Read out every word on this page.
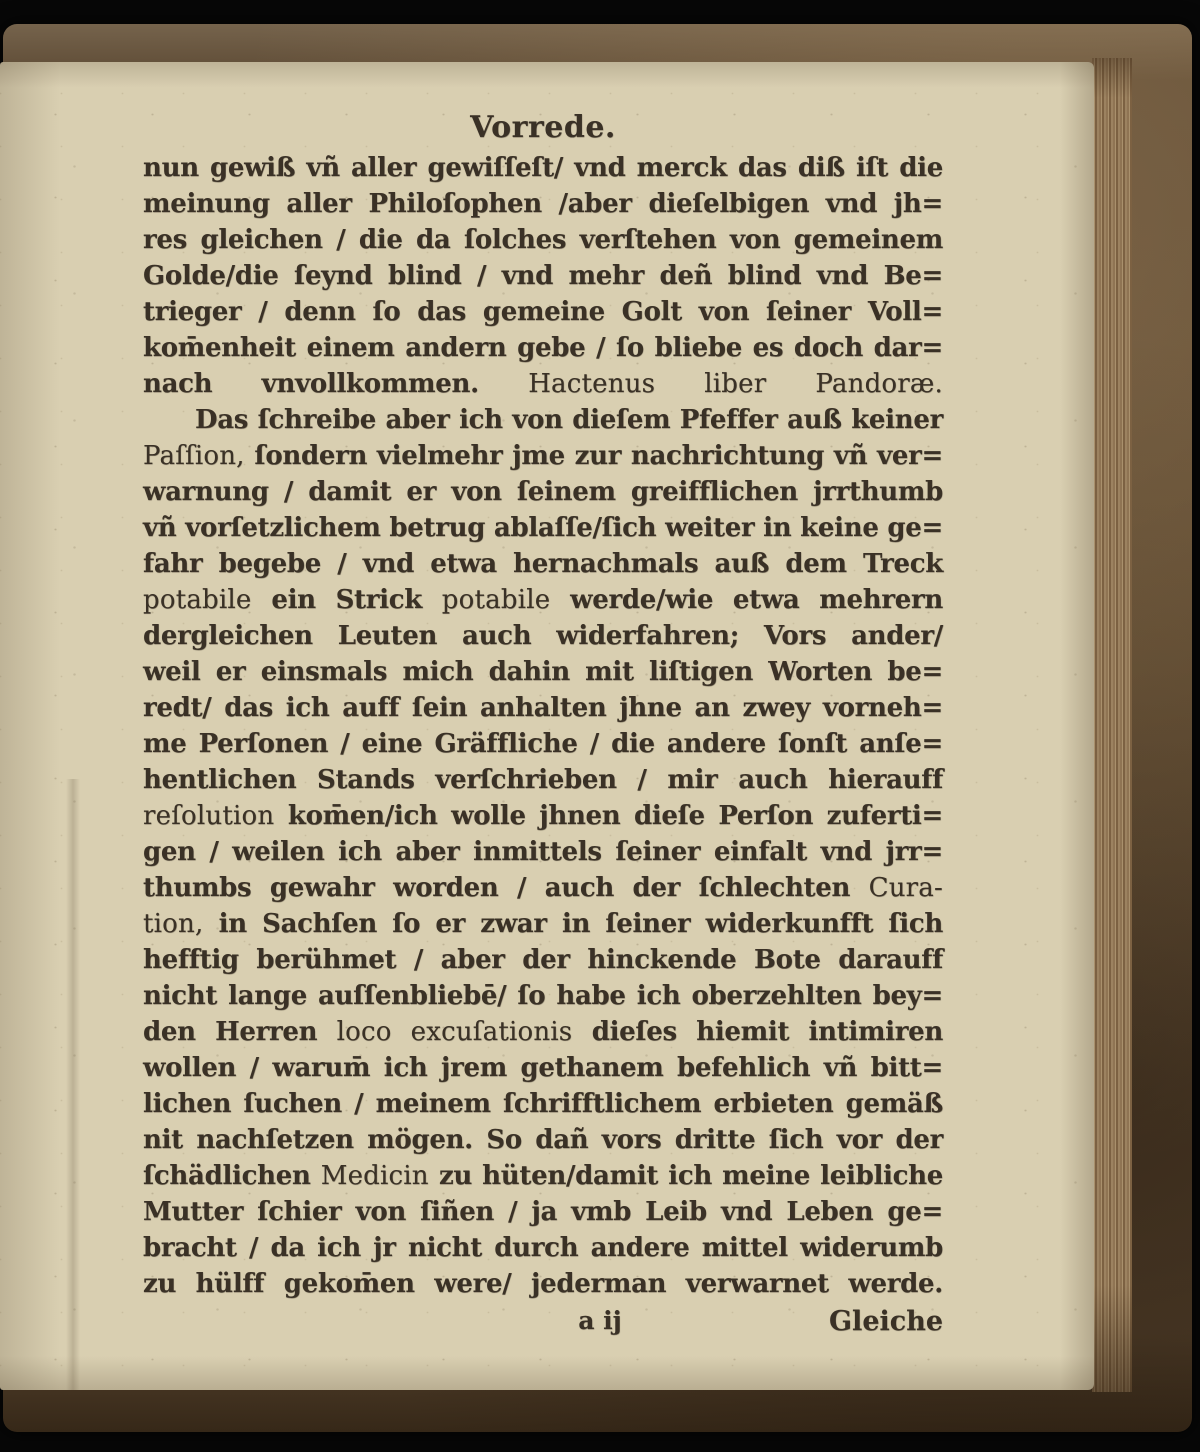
Vorrede.
nun gewiß vñ aller gewiſſeſt/ vnd merck das diß iſt die
meinung aller Philoſophen /aber dieſelbigen vnd jh=
res gleichen / die da ſolches verſtehen von gemeinem
Golde/die ſeynd blind / vnd mehr deñ blind vnd Be=
trieger / denn ſo das gemeine Golt von ſeiner Voll=
kom̄enheit einem andern gebe / ſo bliebe es doch dar=
nach vnvollkommen. Hactenus liber Pandoræ.
Das ſchreibe aber ich von dieſem Pfeffer auß keiner
Paſſion, ſondern vielmehr jme zur nachrichtung vñ ver=
warnung / damit er von ſeinem greifflichen jrrthumb
vñ vorſetzlichem betrug ablaſſe/ſich weiter in keine ge=
fahr begebe / vnd etwa hernachmals auß dem Treck
potabile ein Strick potabile werde/wie etwa mehrern
dergleichen Leuten auch widerfahren; Vors ander/
weil er einsmals mich dahin mit liſtigen Worten be=
redt/ das ich auff ſein anhalten jhne an zwey vorneh=
me Perſonen / eine Gräffliche / die andere ſonſt anſe=
hentlichen Stands verſchrieben / mir auch hierauff
reſolution kom̄en/ich wolle jhnen dieſe Perſon zuferti=
gen / weilen ich aber inmittels ſeiner einfalt vnd jrr=
thumbs gewahr worden / auch der ſchlechten Cura-
tion, in Sachſen ſo er zwar in ſeiner widerkunfft ſich
hefftig berühmet / aber der hinckende Bote darauff
nicht lange auſſenbliebē/ ſo habe ich oberzehlten bey=
den Herren loco excuſationis dieſes hiemit intimiren
wollen / warum̄ ich jrem gethanem befehlich vñ bitt=
lichen ſuchen / meinem ſchrifftlichem erbieten gemäß
nit nachſetzen mögen. So dañ vors dritte ſich vor der
ſchädlichen Medicin zu hüten/damit ich meine leibliche
Mutter ſchier von ſiñen / ja vmb Leib vnd Leben ge=
bracht / da ich jr nicht durch andere mittel widerumb
zu hülff gekom̄en were/ jederman verwarnet werde.
a ij	Gleiche
